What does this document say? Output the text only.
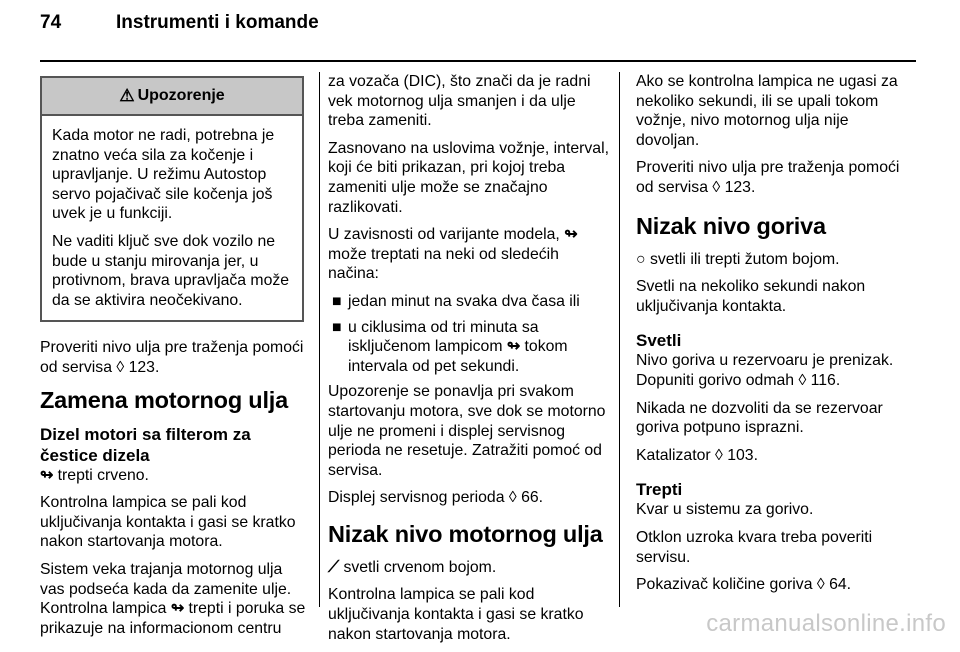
74	Instrumenti i komande
⚠ Upozorenje

Kada motor ne radi, potrebna je znatno veća sila za kočenje i upravljanje. U režimu Autostop servo pojačivač sile kočenja još uvek je u funkciji.

Ne vaditi ključ sve dok vozilo ne bude u stanju mirovanja jer, u protivnom, brava upravljača može da se aktivira neočekivano.

Proveriti nivo ulja pre traženja pomoći od servisa ◊ 123.

Zamena motornog ulja
Dizel motori sa filterom za čestice dizela

↬ trepti crveno.

Kontrolna lampica se pali kod uključivanja kontakta i gasi se kratko nakon startovanja motora.

Sistem veka trajanja motornog ulja vas podseća kada da zamenite ulje. Kontrolna lampica ↬ trepti i poruka se prikazuje na informacionom centru

za vozača (DIC), što znači da je radni vek motornog ulja smanjen i da ulje treba zameniti.

Zasnovano na uslovima vožnje, interval, koji će biti prikazan, pri kojoj treba zameniti ulje može se značajno razlikovati.

U zavisnosti od varijante modela, ↬ može treptati na neki od sledećih načina:

■ jedan minut na svaka dva časa ili
■ u ciklusima od tri minuta sa isključenom lampicom ↬ tokom intervala od pet sekundi.

Upozorenje se ponavlja pri svakom startovanju motora, sve dok se motorno ulje ne promeni i displej servisnog perioda ne resetuje. Zatražiti pomoć od servisa.

Displej servisnog perioda ◊ 66.

Nizak nivo motornog ulja

⟋ svetli crvenom bojom.

Kontrolna lampica se pali kod uključivanja kontakta i gasi se kratko nakon startovanja motora.

Ako se kontrolna lampica ne ugasi za nekoliko sekundi, ili se upali tokom vožnje, nivo motornog ulja nije dovoljan.

Proveriti nivo ulja pre traženja pomoći od servisa ◊ 123.

Nizak nivo goriva

○ svetli ili trepti žutom bojom.

Svetli na nekoliko sekundi nakon uključivanja kontakta.

Svetli

Nivo goriva u rezervoaru je prenizak. Dopuniti gorivo odmah ◊ 116.

Nikada ne dozvoliti da se rezervoar goriva potpuno isprazni.

Katalizator ◊ 103.

Trepti

Kvar u sistemu za gorivo.

Otklon uzroka kvara treba poveriti servisu.

Pokazivač količine goriva ◊ 64.

carmanualsonline.info
